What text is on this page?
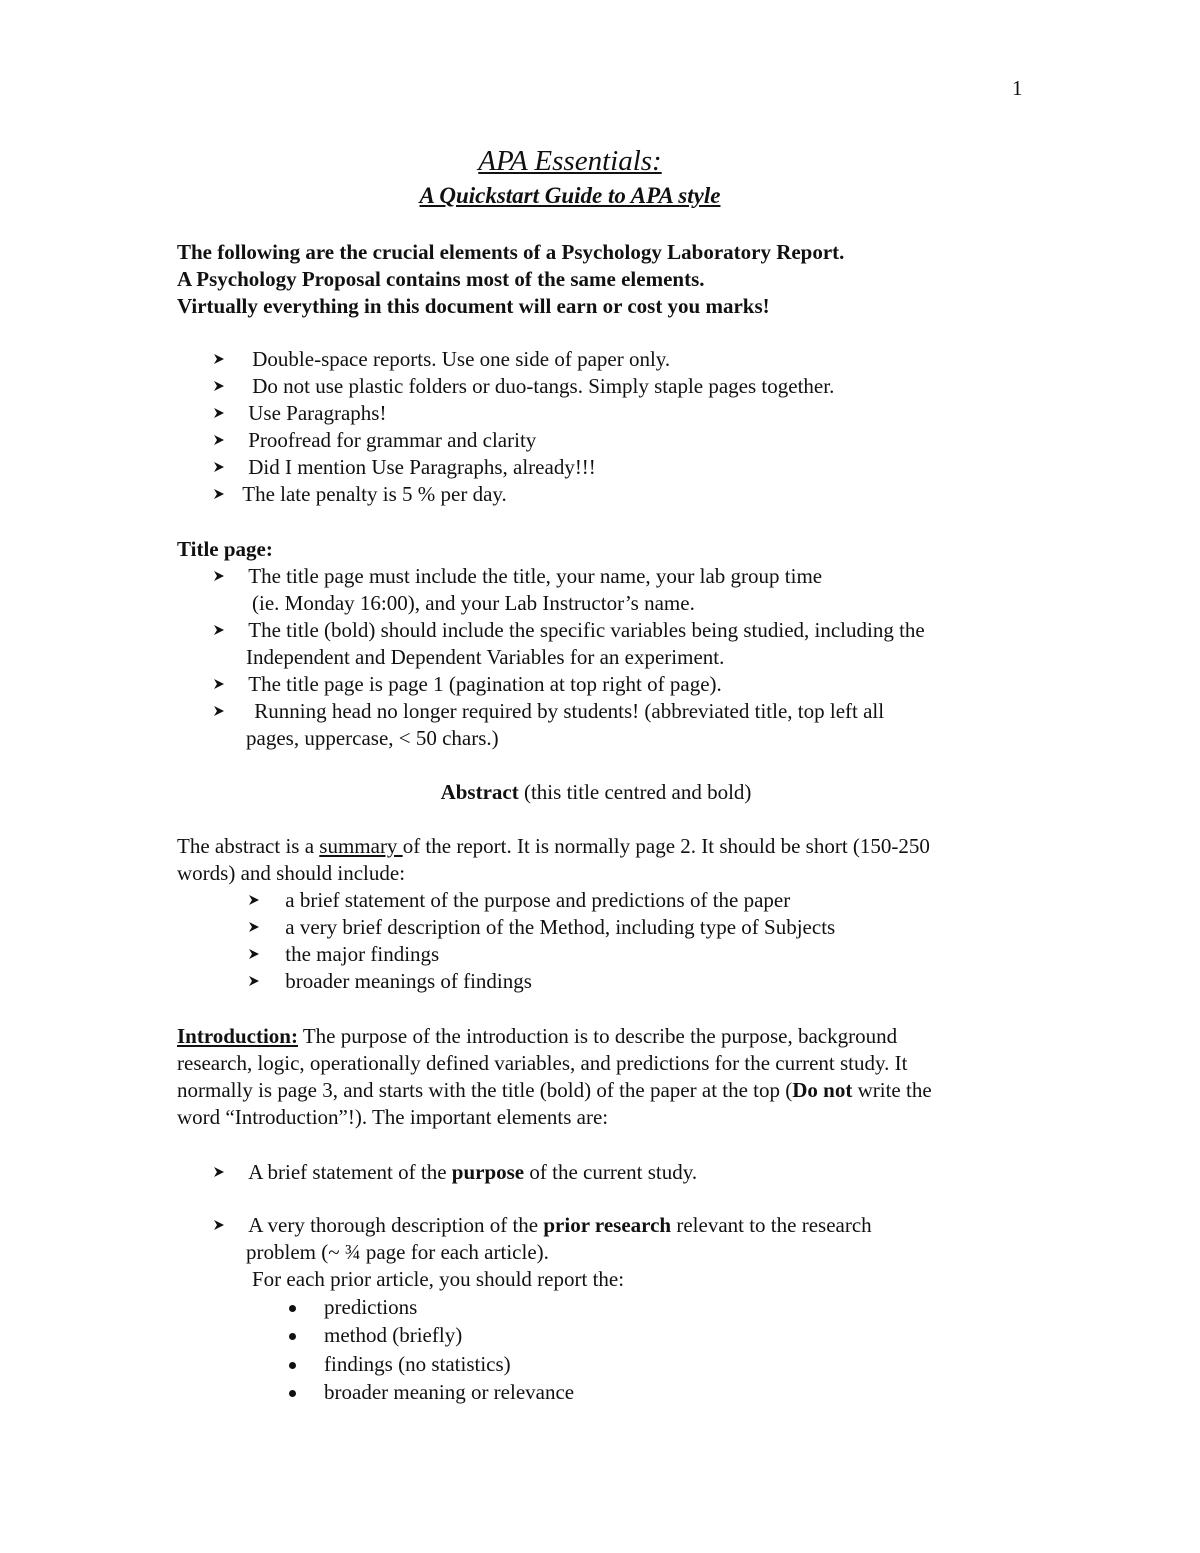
1
APA Essentials:
A Quickstart Guide to APA style
The following are the crucial elements of a Psychology Laboratory Report.
A Psychology Proposal contains most of the same elements.
Virtually everything in this document will earn or cost you marks!
Double-space reports. Use one side of paper only.
Do not use plastic folders or duo-tangs. Simply staple pages together.
Use Paragraphs!
Proofread for grammar and clarity
Did I mention Use Paragraphs, already!!!
The late penalty is 5 % per day.
Title page:
The title page must include the title, your name, your lab group time
(ie. Monday 16:00), and your Lab Instructor’s name.
The title (bold) should include the specific variables being studied, including the
Independent and Dependent Variables for an experiment.
The title page is page 1 (pagination at top right of page).
Running head no longer required by students! (abbreviated title, top left all
pages, uppercase, < 50 chars.)
Abstract (this title centred and bold)
The abstract is a summary of the report. It is normally page 2. It should be short (150-250
words) and should include:
a brief statement of the purpose and predictions of the paper
a very brief description of the Method, including type of Subjects
the major findings
broader meanings of findings
Introduction: The purpose of the introduction is to describe the purpose, background
research, logic, operationally defined variables, and predictions for the current study. It
normally is page 3, and starts with the title (bold) of the paper at the top (Do not write the
word “Introduction”!). The important elements are:
A brief statement of the purpose of the current study.
A very thorough description of the prior research relevant to the research
problem (~ ¾ page for each article).
For each prior article, you should report the:
predictions
method (briefly)
findings (no statistics)
broader meaning or relevance
